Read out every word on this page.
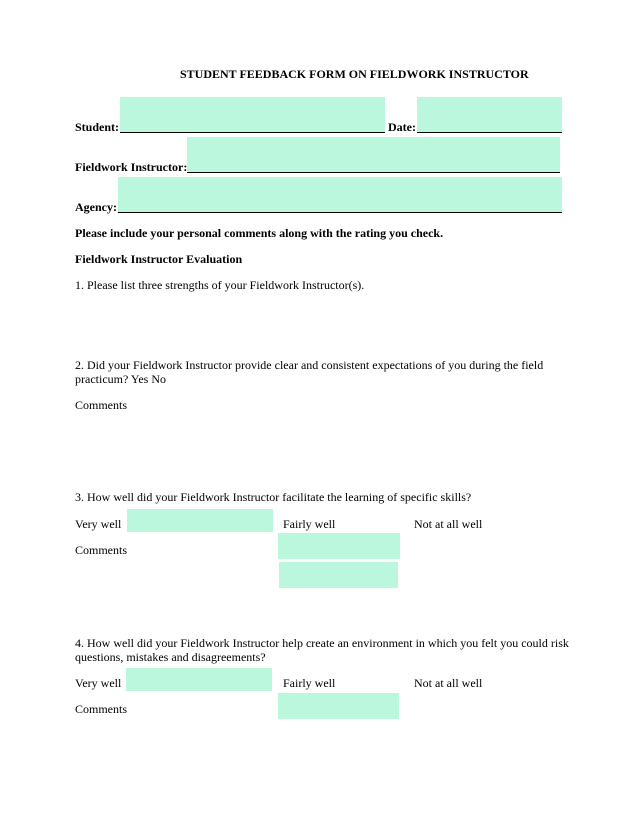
STUDENT FEEDBACK FORM ON FIELDWORK INSTRUCTOR
Student:	Date:
Fieldwork Instructor:
Agency:
Please include your personal comments along with the rating you check.
Fieldwork Instructor Evaluation
1. Please list three strengths of your Fieldwork Instructor(s).
2. Did your Fieldwork Instructor provide clear and consistent expectations of you during the field
practicum? Yes No
Comments
3. How well did your Fieldwork Instructor facilitate the learning of specific skills?
Very well	Fairly well	Not at all well
Comments
4. How well did your Fieldwork Instructor help create an environment in which you felt you could risk
questions, mistakes and disagreements?
Very well	Fairly well	Not at all well
Comments
